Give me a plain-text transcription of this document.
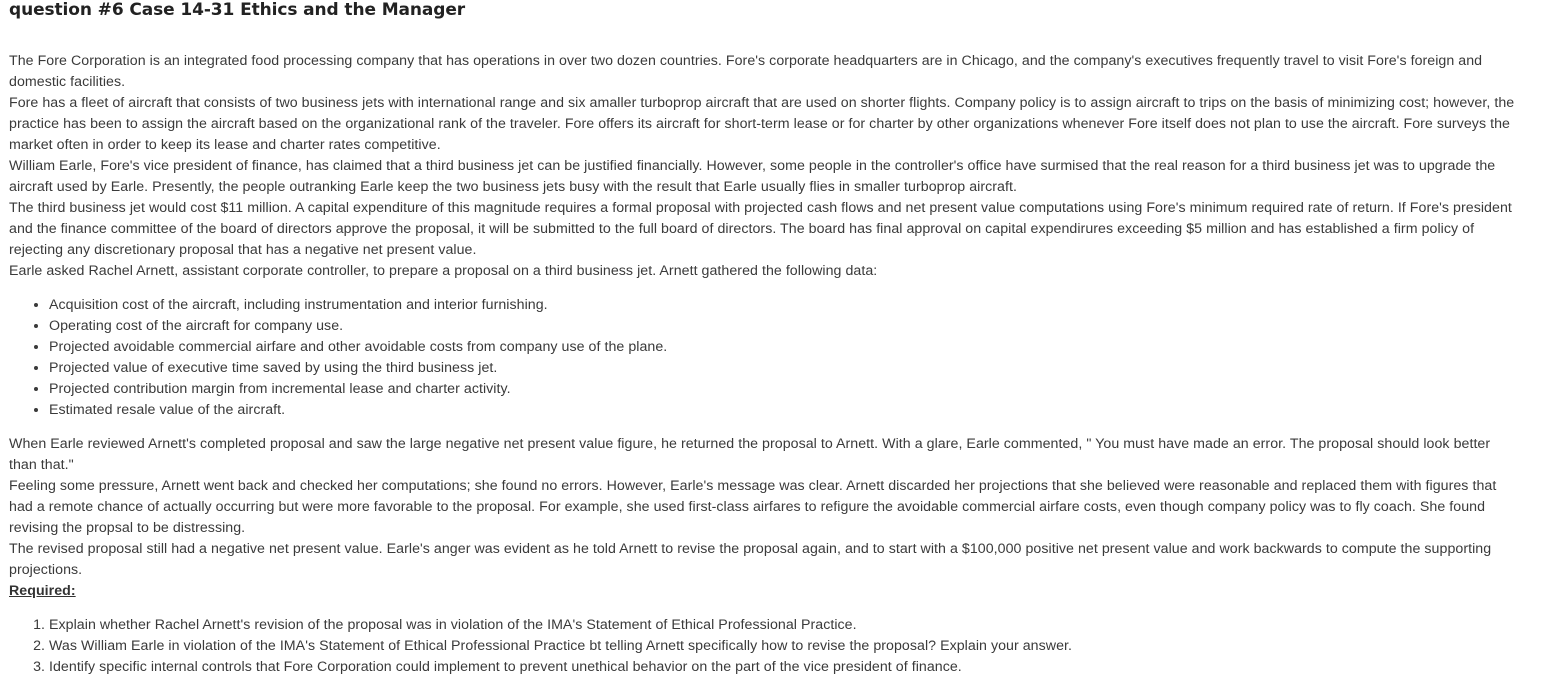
question #6 Case 14-31 Ethics and the Manager

The Fore Corporation is an integrated food processing company that has operations in over two dozen countries. Fore's corporate headquarters are in Chicago, and the company's executives frequently travel to visit Fore's foreign and domestic facilities.

Fore has a fleet of aircraft that consists of two business jets with international range and six amaller turboprop aircraft that are used on shorter flights. Company policy is to assign aircraft to trips on the basis of minimizing cost; however, the practice has been to assign the aircraft based on the organizational rank of the traveler. Fore offers its aircraft for short-term lease or for charter by other organizations whenever Fore itself does not plan to use the aircraft. Fore surveys the market often in order to keep its lease and charter rates competitive.

William Earle, Fore's vice president of finance, has claimed that a third business jet can be justified financially. However, some people in the controller's office have surmised that the real reason for a third business jet was to upgrade the aircraft used by Earle. Presently, the people outranking Earle keep the two business jets busy with the result that Earle usually flies in smaller turboprop aircraft.

The third business jet would cost $11 million. A capital expenditure of this magnitude requires a formal proposal with projected cash flows and net present value computations using Fore's minimum required rate of return. If Fore's president and the finance committee of the board of directors approve the proposal, it will be submitted to the full board of directors. The board has final approval on capital expendirures exceeding $5 million and has established a firm policy of rejecting any discretionary proposal that has a negative net present value.

Earle asked Rachel Arnett, assistant corporate controller, to prepare a proposal on a third business jet. Arnett gathered the following data:

• Acquisition cost of the aircraft, including instrumentation and interior furnishing.
• Operating cost of the aircraft for company use.
• Projected avoidable commercial airfare and other avoidable costs from company use of the plane.
• Projected value of executive time saved by using the third business jet.
• Projected contribution margin from incremental lease and charter activity.
• Estimated resale value of the aircraft.

When Earle reviewed Arnett's completed proposal and saw the large negative net present value figure, he returned the proposal to Arnett. With a glare, Earle commented, " You must have made an error. The proposal should look better than that."

Feeling some pressure, Arnett went back and checked her computations; she found no errors. However, Earle's message was clear. Arnett discarded her projections that she believed were reasonable and replaced them with figures that had a remote chance of actually occurring but were more favorable to the proposal. For example, she used first-class airfares to refigure the avoidable commercial airfare costs, even though company policy was to fly coach. She found revising the propsal to be distressing.

The revised proposal still had a negative net present value. Earle's anger was evident as he told Arnett to revise the proposal again, and to start with a $100,000 positive net present value and work backwards to compute the supporting projections.

Required:

1. Explain whether Rachel Arnett's revision of the proposal was in violation of the IMA's Statement of Ethical Professional Practice.
2. Was William Earle in violation of the IMA's Statement of Ethical Professional Practice bt telling Arnett specifically how to revise the proposal? Explain your answer.
3. Identify specific internal controls that Fore Corporation could implement to prevent unethical behavior on the part of the vice president of finance.
